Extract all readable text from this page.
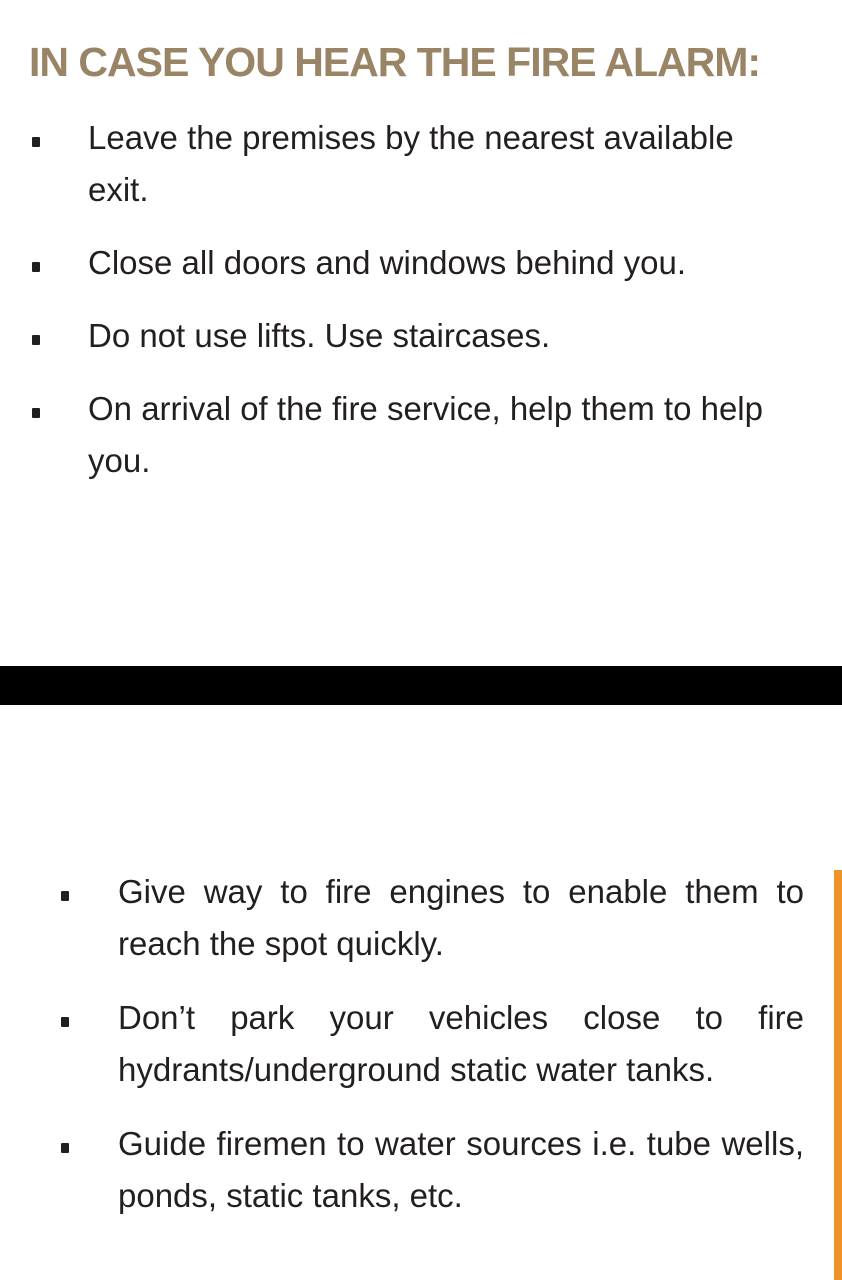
IN CASE YOU HEAR THE FIRE ALARM:
Leave the premises by the nearest available exit.
Close all doors and windows behind you.
Do not use lifts. Use staircases.
On arrival of the fire service, help them to help you.
Give way to fire engines to enable them to reach the spot quickly.
Don’t park your vehicles close to fire hydrants/underground static water tanks.
Guide firemen to water sources i.e. tube wells, ponds, static tanks, etc.
